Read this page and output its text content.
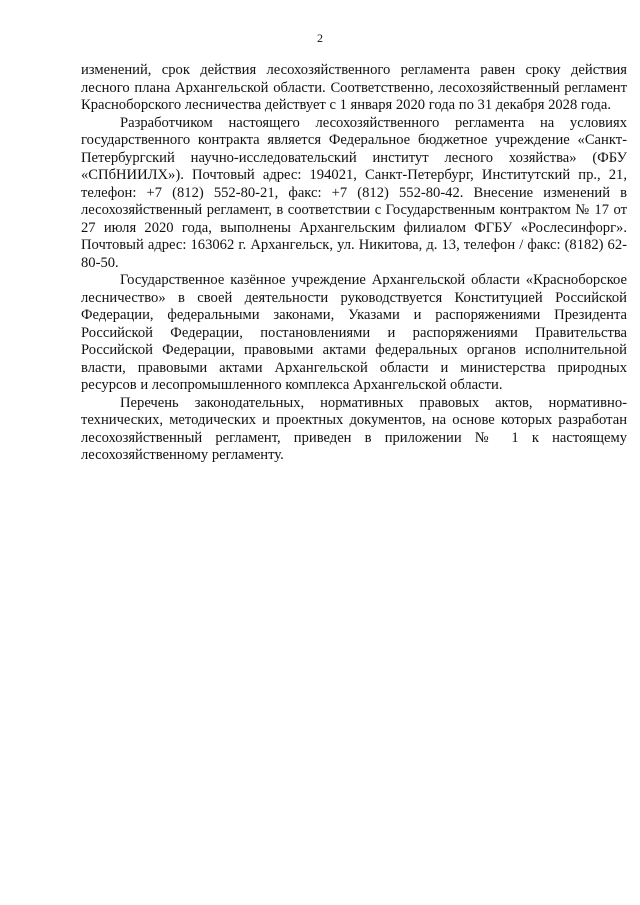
2

изменений, срок действия лесохозяйственного регламента равен сроку действия лесного плана Архангельской области. Соответственно, лесохозяйственный регламент Красноборского лесничества действует с 1 января 2020 года по 31 декабря 2028 года.

Разработчиком настоящего лесохозяйственного регламента на условиях государственного контракта является Федеральное бюджетное учреждение «Санкт-Петербургский научно-исследовательский институт лесного хозяйства» (ФБУ «СПбНИИЛХ»). Почтовый адрес: 194021, Санкт-Петербург, Институтский пр., 21, телефон: +7 (812) 552-80-21, факс: +7 (812) 552-80-42. Внесение изменений в лесохозяйственный регламент, в соответствии с Государственным контрактом № 17 от 27 июля 2020 года, выполнены Архангельским филиалом ФГБУ «Рослесинфорг». Почтовый адрес: 163062 г. Архангельск, ул. Никитова, д. 13, телефон / факс: (8182) 62-80-50.

Государственное казённое учреждение Архангельской области «Красноборское лесничество» в своей деятельности руководствуется Конституцией Российской Федерации, федеральными законами, Указами и распоряжениями Президента Российской Федерации, постановлениями и распоряжениями Правительства Российской Федерации, правовыми актами федеральных органов исполнительной власти, правовыми актами Архангельской области и министерства природных ресурсов и лесопромышленного комплекса Архангельской области.

Перечень законодательных, нормативных правовых актов, нормативно-технических, методических и проектных документов, на основе которых разработан лесохозяйственный регламент, приведен в приложении № 1 к настоящему лесохозяйственному регламенту.
